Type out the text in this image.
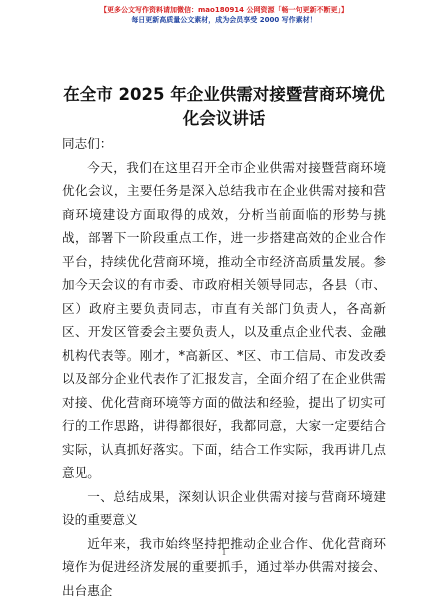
【更多公文写作资料请加微信：mao180914 公网资源「畅一句更新不断更」】
每日更新高质量公文素材，成为会员享受 2000 写作素材！
在全市 2025 年企业供需对接暨营商环境优化会议讲话

同志们：

今天，我们在这里召开全市企业供需对接暨营商环境优化会议，主要任务是深入总结我市在企业供需对接和营商环境建设方面取得的成效，分析当前面临的形势与挑战，部署下一阶段重点工作，进一步搭建高效的企业合作平台，持续优化营商环境，推动全市经济高质量发展。参加今天会议的有市委、市政府相关领导同志，各县（市、区）政府主要负责同志，市直有关部门负责人，各高新区、开发区管委会主要负责人，以及重点企业代表、金融机构代表等。刚才，*高新区、*区、市工信局、市发改委以及部分企业代表作了汇报发言，全面介绍了在企业供需对接、优化营商环境等方面的做法和经验，提出了切实可行的工作思路，讲得都很好，我都同意，大家一定要结合实际，认真抓好落实。下面，结合工作实际，我再讲几点意见。

一、总结成果，深刻认识企业供需对接与营商环境建设的重要意义

近年来，我市始终坚持把推动企业合作、优化营商环境作为促进经济发展的重要抓手，通过举办供需对接会、出台惠企

1
